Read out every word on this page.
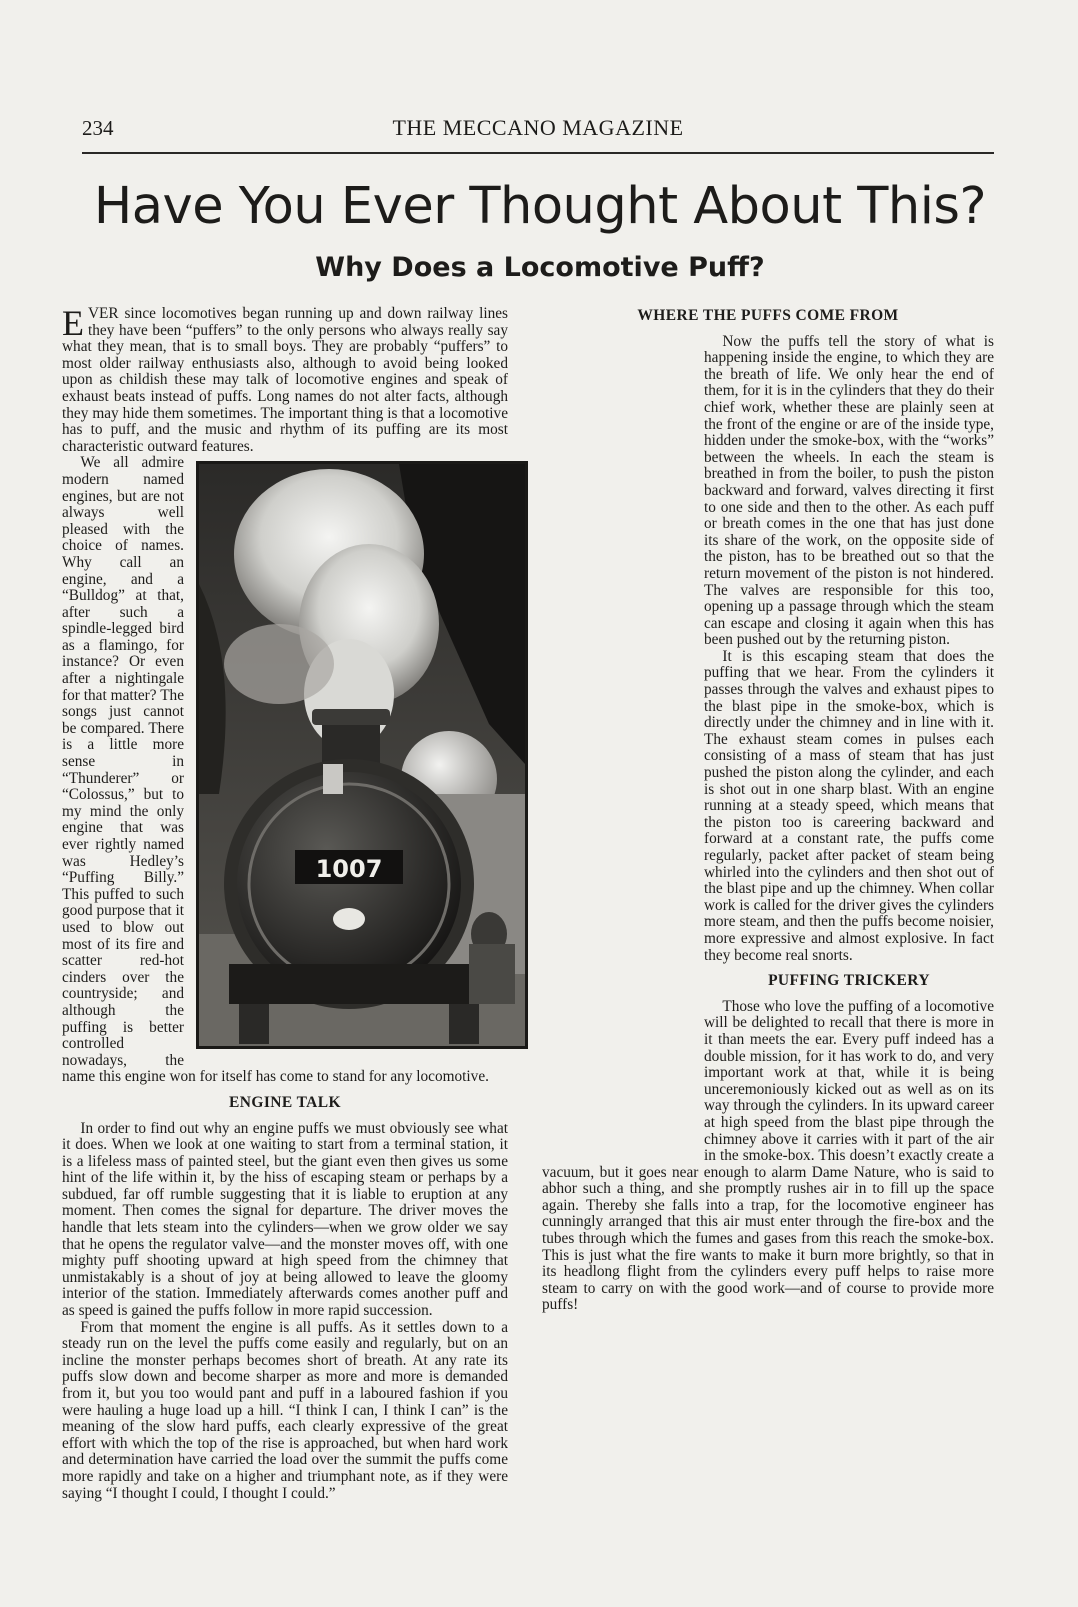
234	THE MECCANO MAGAZINE
Have You Ever Thought About This?
Why Does a Locomotive Puff?

EVER since locomotives began running up and down railway lines they have been “puffers” to the only persons who always really say what they mean, that is to small boys. They are probably “puffers” to most older railway enthusiasts also, although to avoid being looked upon as childish these may talk of locomotive engines and speak of exhaust beats instead of puffs. Long names do not alter facts, although they may hide them sometimes. The important thing is that a locomotive has to puff, and the music and rhythm of its puffing are its most characteristic outward features.

1007

We all admire modern named engines, but are not always well pleased with the choice of names. Why call an engine, and a “Bulldog” at that, after such a spindle-legged bird as a flamingo, for instance? Or even after a nightingale for that matter? The songs just cannot be compared. There is a little more sense in “Thunderer” or “Colossus,” but to my mind the only engine that was ever rightly named was Hedley’s “Puffing Billy.” This puffed to such good purpose that it used to blow out most of its fire and scatter red-hot cinders over the countryside; and although the puffing is better controlled nowadays, the name this engine won for itself has come to stand for any locomotive.

ENGINE TALK

In order to find out why an engine puffs we must obviously see what it does. When we look at one waiting to start from a terminal station, it is a lifeless mass of painted steel, but the giant even then gives us some hint of the life within it, by the hiss of escaping steam or perhaps by a subdued, far off rumble suggesting that it is liable to eruption at any moment. Then comes the signal for departure. The driver moves the handle that lets steam into the cylinders—when we grow older we say that he opens the regulator valve—and the monster moves off, with one mighty puff shooting upward at high speed from the chimney that unmistakably is a shout of joy at being allowed to leave the gloomy interior of the station. Immediately afterwards comes another puff and as speed is gained the puffs follow in more rapid succession.

From that moment the engine is all puffs. As it settles down to a steady run on the level the puffs come easily and regularly, but on an incline the monster perhaps becomes short of breath. At any rate its puffs slow down and become sharper as more and more is demanded from it, but you too would pant and puff in a laboured fashion if you were hauling a huge load up a hill. “I think I can, I think I can” is the meaning of the slow hard puffs, each clearly expressive of the great effort with which the top of the rise is approached, but when hard work and determination have carried the load over the summit the puffs come more rapidly and take on a higher and triumphant note, as if they were saying “I thought I could, I thought I could.”

WHERE THE PUFFS COME FROM

Now the puffs tell the story of what is happening inside the engine, to which they are the breath of life. We only hear the end of them, for it is in the cylinders that they do their chief work, whether these are plainly seen at the front of the engine or are of the inside type, hidden under the smoke-box, with the “works” between the wheels. In each the steam is breathed in from the boiler, to push the piston backward and forward, valves directing it first to one side and then to the other. As each puff or breath comes in the one that has just done its share of the work, on the opposite side of the piston, has to be breathed out so that the return movement of the piston is not hindered. The valves are responsible for this too, opening up a passage through which the steam can escape and closing it again when this has been pushed out by the returning piston.

It is this escaping steam that does the puffing that we hear. From the cylinders it passes through the valves and exhaust pipes to the blast pipe in the smoke-box, which is directly under the chimney and in line with it. The exhaust steam comes in pulses each consisting of a mass of steam that has just pushed the piston along the cylinder, and each is shot out in one sharp blast. With an engine running at a steady speed, which means that the piston too is careering backward and forward at a constant rate, the puffs come regularly, packet after packet of steam being whirled into the cylinders and then shot out of the blast pipe and up the chimney. When collar work is called for the driver gives the cylinders more steam, and then the puffs become noisier, more expressive and almost explosive. In fact they become real snorts.

PUFFING TRICKERY

Those who love the puffing of a locomotive will be delighted to recall that there is more in it than meets the ear. Every puff indeed has a double mission, for it has work to do, and very important work at that, while it is being unceremoniously kicked out as well as on its way through the cylinders. In its upward career at high speed from the blast pipe through the chimney above it carries with it part of the air in the smoke-box. This doesn’t exactly create a vacuum, but it goes near enough to alarm Dame Nature, who is said to abhor such a thing, and she promptly rushes air in to fill up the space again. Thereby she falls into a trap, for the locomotive engineer has cunningly arranged that this air must enter through the fire-box and the tubes through which the fumes and gases from this reach the smoke-box. This is just what the fire wants to make it burn more brightly, so that in its headlong flight from the cylinders every puff helps to raise more steam to carry on with the good work—and of course to provide more puffs!
